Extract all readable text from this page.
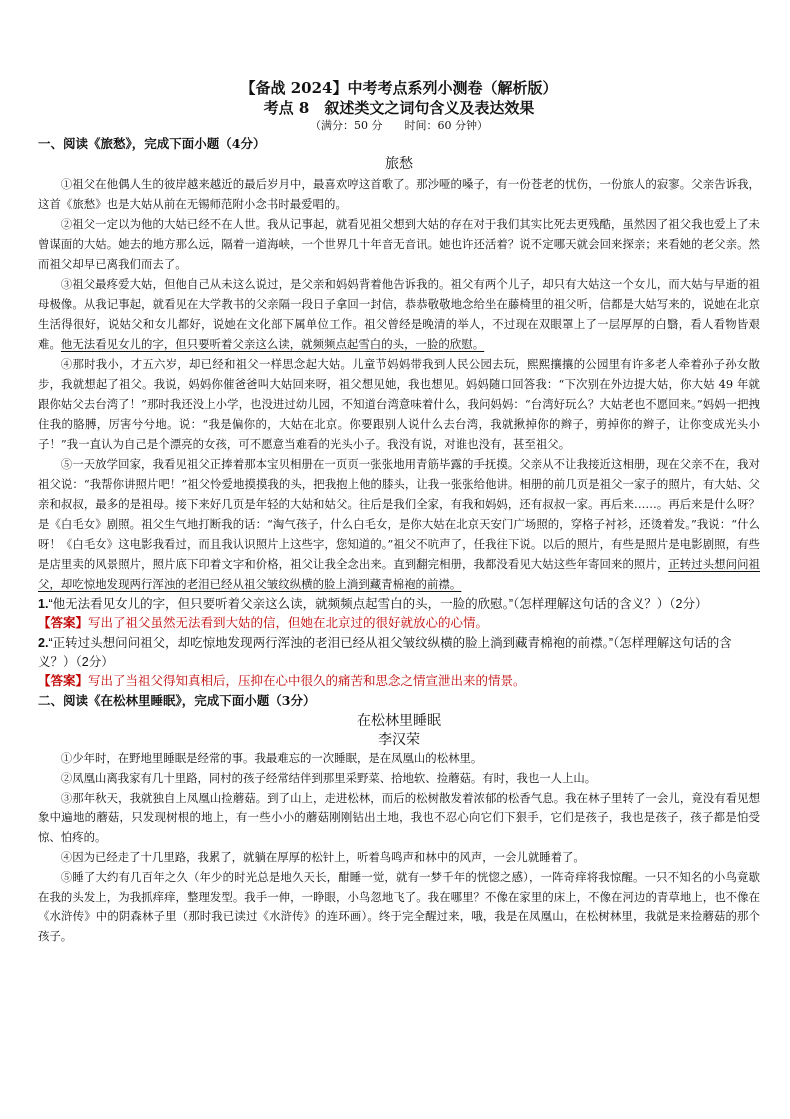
【备战 2024】中考考点系列小测卷（解析版）
考点 8　叙述类文之词句含义及表达效果
（满分：50 分　　时间：60 分钟）
一、阅读《旅愁》，完成下面小题（4分）
旅愁

①祖父在他偶人生的彼岸越来越近的最后岁月中，最喜欢哼这首歌了。那沙哑的嗓子，有一份苍老的忧伤，一份旅人的寂寥。父亲告诉我，这首《旅愁》也是大姑从前在无锡师范附小念书时最爱唱的。

②祖父一定以为他的大姑已经不在人世。我从记事起，就看见祖父想到大姑的存在对于我们其实比死去更残酷，虽然因了祖父我也爱上了未曾谋面的大姑。她去的地方那么远，隔着一道海峡，一个世界几十年音无音讯。她也许还活着？说不定哪天就会回来探亲；来看她的老父亲。然而祖父却早已离我们而去了。

③祖父最疼爱大姑，但他自己从未这么说过，是父亲和妈妈背着他告诉我的。祖父有两个儿子，却只有大姑这一个女儿，而大姑与早逝的祖母极像。从我记事起，就看见在大学教书的父亲隔一段日子拿回一封信，恭恭敬敬地念给坐在藤椅里的祖父听，信都是大姑写来的，说她在北京生活得很好，说姑父和女儿都好，说她在文化部下属单位工作。祖父曾经是晚清的举人，不过现在双眼罩上了一层厚厚的白翳，看人看物皆艰难。他无法看见女儿的字，但只要听着父亲这么读，就频频点起雪白的头，一脸的欣慰。

④那时我小，才五六岁，却已经和祖父一样思念起大姑。儿童节妈妈带我到人民公园去玩，熙熙攘攘的公园里有许多老人牵着孙子孙女散步，我就想起了祖父。我说，妈妈你催爸爸叫大姑回来呀，祖父想见她，我也想见。妈妈随口回答我：“下次别在外边提大姑，你大姑 49 年就跟你姑父去台湾了！”那时我还没上小学，也没进过幼儿园，不知道台湾意味着什么，我问妈妈：“台湾好玩么？大姑老也不愿回来。”妈妈一把拽住我的胳膊，厉害兮兮地。说：“我是偏你的，大姑在北京。你要跟别人说什么去台湾，我就揪掉你的辫子，剪掉你的辫子，让你变成光头小子！”我一直认为自己是个漂亮的女孩，可不愿意当难看的光头小子。我没有说，对谁也没有，甚至祖父。

⑤一天放学回家，我看见祖父正捧着那本宝贝相册在一页页一张张地用青筋毕露的手抚摸。父亲从不让我接近这相册，现在父亲不在，我对祖父说：“我帮你讲照片吧！”祖父怜爱地摸摸我的头，把我抱上他的膝头，让我一张张给他讲。相册的前几页是祖父一家子的照片，有大姑、父亲和叔叔，最多的是祖母。接下来好几页是年轻的大姑和姑父。往后是我们全家，有我和妈妈，还有叔叔一家。再后来……。再后来是什么呀？是《白毛女》剧照。祖父生气地打断我的话：“淘气孩子，什么白毛女，是你大姑在北京天安门广场照的，穿格子衬衫，还烫着发。”我说：“什么呀！《白毛女》这电影我看过，而且我认识照片上这些字，您知道的。”祖父不吭声了，任我往下说。以后的照片，有些是照片是电影剧照，有些是店里卖的风景照片，照片底下印着文字和价格，祖父让我全念出来。直到翻完相册，我都没看见大姑这些年寄回来的照片，正转过头想问问祖父，却吃惊地发现两行浑浊的老泪已经从祖父皱纹纵横的脸上淌到藏青棉袍的前襟。

1.“他无法看见女儿的字，但只要听着父亲这么读，就频频点起雪白的头，一脸的欣慰。”（怎样理解这句话的含义？）（2分）
【答案】写出了祖父虽然无法看到大姑的信，但她在北京过的很好就放心的心情。
2.“正转过头想问问祖父，却吃惊地发现两行浑浊的老泪已经从祖父皱纹纵横的脸上淌到藏青棉袍的前襟。”（怎样理解这句话的含义？）（2分）
【答案】写出了当祖父得知真相后，压抑在心中很久的痛苦和思念之情宣泄出来的情景。
二、阅读《在松林里睡眠》，完成下面小题（3分）
在松林里睡眠
李汉荣

①少年时，在野地里睡眠是经常的事。我最难忘的一次睡眠，是在凤凰山的松林里。

②凤凰山离我家有几十里路，同村的孩子经常结伴到那里采野菜、拾地软、捡蘑菇。有时，我也一人上山。

③那年秋天，我就独自上凤凰山捡蘑菇。到了山上，走进松林，而后的松树散发着浓郁的松香气息。我在林子里转了一会儿，竟没有看见想象中遍地的蘑菇，只发现树根的地上，有一些小小的蘑菇刚刚钻出土地，我也不忍心向它们下狠手，它们是孩子，我也是孩子，孩子都是怕受惊、怕疼的。

④因为已经走了十几里路，我累了，就躺在厚厚的松针上，听着鸟鸣声和林中的风声，一会儿就睡着了。

⑤睡了大约有几百年之久（年少的时光总是地久天长，酣睡一觉，就有一梦千年的恍惚之感），一阵奇痒将我惊醒。一只不知名的小鸟竟歇在我的头发上，为我抓痒痒，整理发型。我手一伸，一睁眼，小鸟忽地飞了。我在哪里？不像在家里的床上，不像在河边的青草地上，也不像在《水浒传》中的阴森林子里（那时我已读过《水浒传》的连环画）。终于完全醒过来，哦，我是在凤凰山，在松树林里，我就是来捡蘑菇的那个孩子。
